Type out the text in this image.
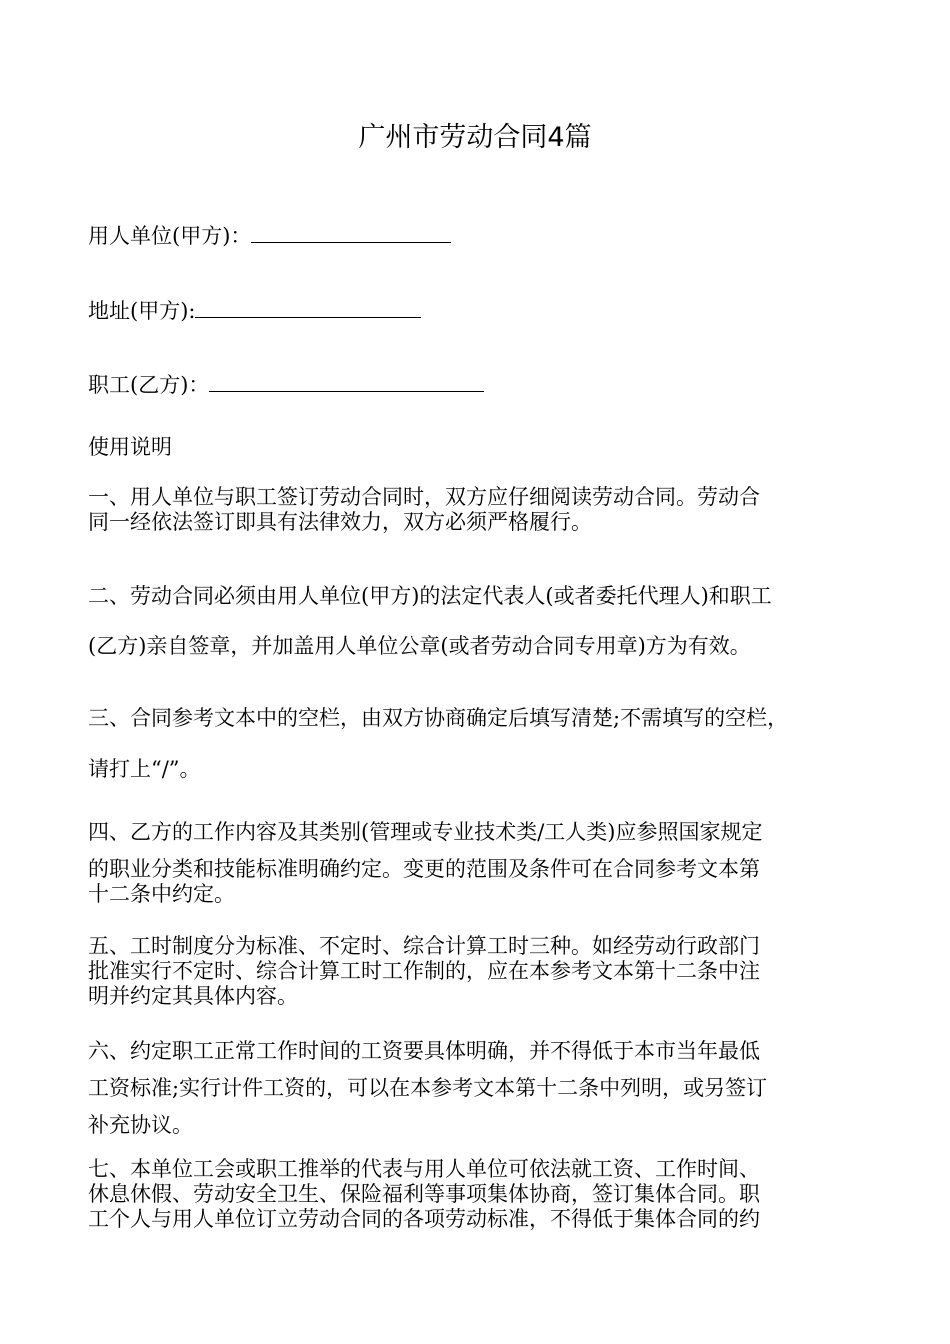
广州市劳动合同4篇
用人单位(甲方)：
地址(甲方):
职工(乙方)：
使用说明
一、用人单位与职工签订劳动合同时，双方应仔细阅读劳动合同。劳动合
同一经依法签订即具有法律效力，双方必须严格履行。
二、劳动合同必须由用人单位(甲方)的法定代表人(或者委托代理人)和职工
(乙方)亲自签章，并加盖用人单位公章(或者劳动合同专用章)方为有效。
三、合同参考文本中的空栏，由双方协商确定后填写清楚;不需填写的空栏，
请打上“/”。
四、乙方的工作内容及其类别(管理或专业技术类/工人类)应参照国家规定
的职业分类和技能标准明确约定。变更的范围及条件可在合同参考文本第
十二条中约定。
五、工时制度分为标准、不定时、综合计算工时三种。如经劳动行政部门
批准实行不定时、综合计算工时工作制的，应在本参考文本第十二条中注
明并约定其具体内容。
六、约定职工正常工作时间的工资要具体明确，并不得低于本市当年最低
工资标准;实行计件工资的，可以在本参考文本第十二条中列明，或另签订
补充协议。
七、本单位工会或职工推举的代表与用人单位可依法就工资、工作时间、
休息休假、劳动安全卫生、保险福利等事项集体协商，签订集体合同。职
工个人与用人单位订立劳动合同的各项劳动标准，不得低于集体合同的约
